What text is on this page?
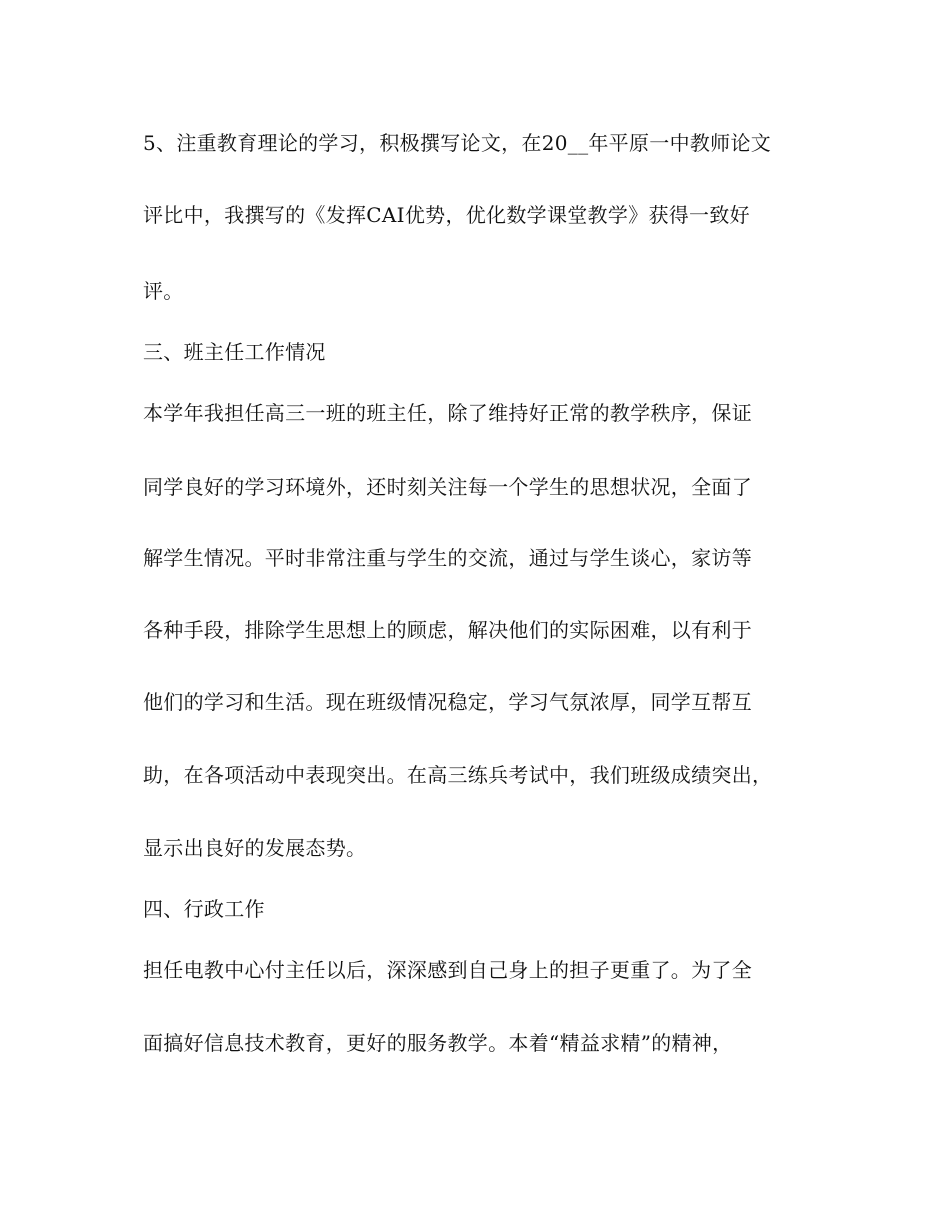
5、注重教育理论的学习，积极撰写论文，在20__年平原一中教师论文
评比中，我撰写的《发挥CAI优势，优化数学课堂教学》获得一致好
评。
三、班主任工作情况
本学年我担任高三一班的班主任，除了维持好正常的教学秩序，保证
同学良好的学习环境外，还时刻关注每一个学生的思想状况，全面了
解学生情况。平时非常注重与学生的交流，通过与学生谈心，家访等
各种手段，排除学生思想上的顾虑，解决他们的实际困难，以有利于
他们的学习和生活。现在班级情况稳定，学习气氛浓厚，同学互帮互
助，在各项活动中表现突出。在高三练兵考试中，我们班级成绩突出，
显示出良好的发展态势。
四、行政工作
担任电教中心付主任以后，深深感到自己身上的担子更重了。为了全
面搞好信息技术教育，更好的服务教学。本着“精益求精”的精神，
